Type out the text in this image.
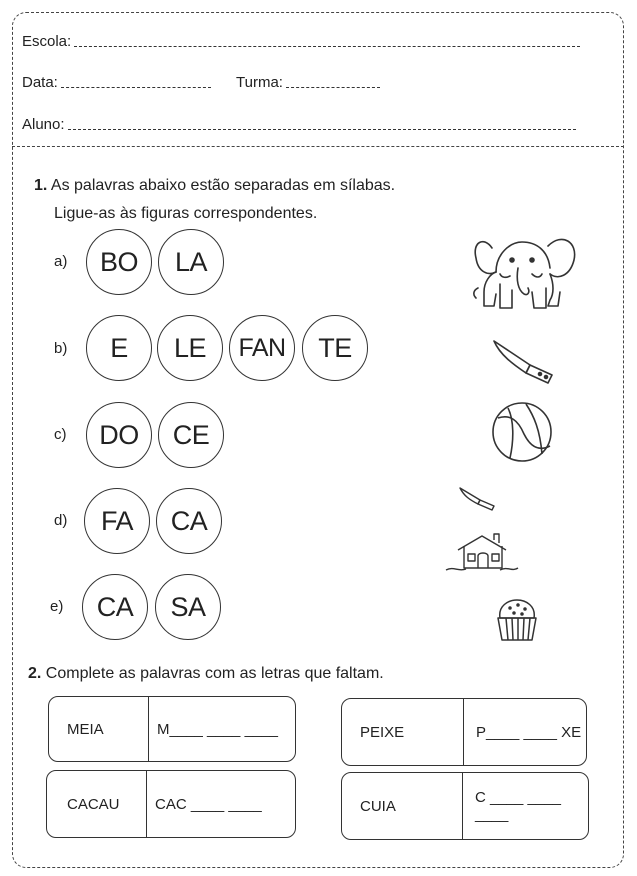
Escola:
Data:	Turma:
Aluno:
1. As palavras abaixo estão separadas em sílabas.
Ligue-as às figuras correspondentes.
a)	BO	LA
b)	E	LE	FAN	TE
c)	DO	CE
d)	FA	CA
e)	CA	SA
2. Complete as palavras com as letras que faltam.
MEIA	M____ ____ ____	PEIXE	P____ ____ XE
CACAU	CAC ____ ____	CUIA	C ____ ____ ____
